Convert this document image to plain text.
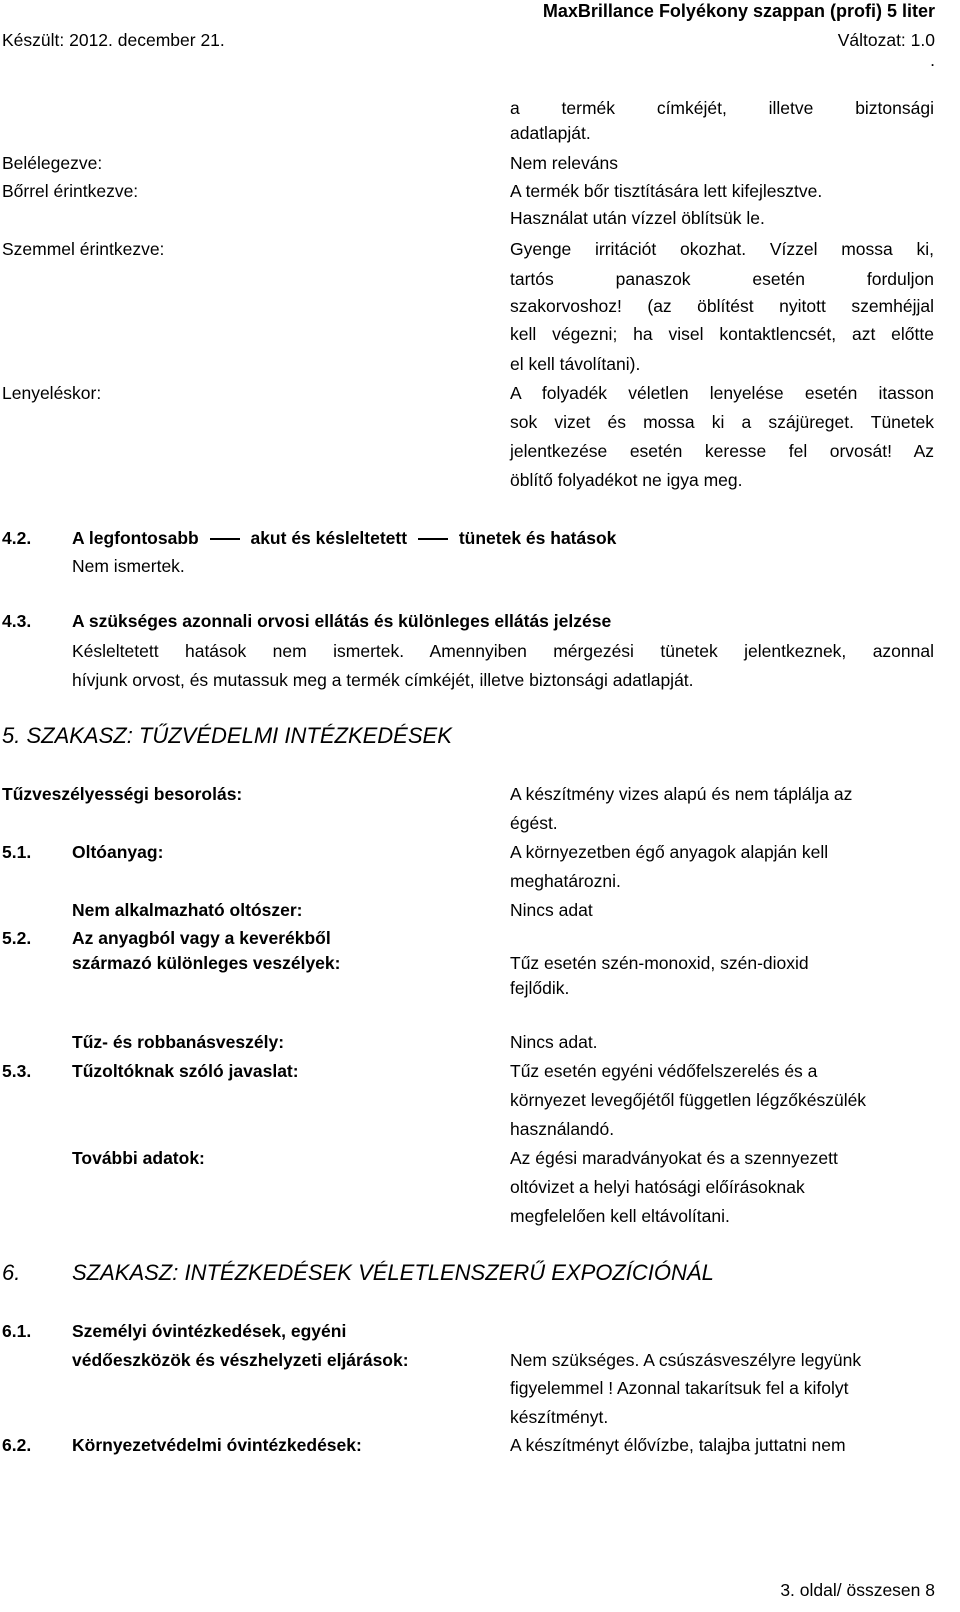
MaxBrillance Folyékony szappan (profi) 5 liter
Készült: 2012. december 21.	Változat: 1.0
.
a termék címkéjét, illetve biztonsági
adatlapját.
Belélegezve:	Nem releváns
Bőrrel érintkezve:	A termék bőr tisztítására lett kifejlesztve.
Használat után vízzel öblítsük le.
Szemmel érintkezve:	Gyenge irritációt okozhat. Vízzel mossa ki,
tartós panaszok esetén forduljon
szakorvoshoz! (az öblítést nyitott szemhéjjal
kell végezni; ha visel kontaktlencsét, azt előtte
el kell távolítani).
Lenyeléskor:	A folyadék véletlen lenyelése esetén itasson
sok vizet és mossa ki a szájüreget. Tünetek
jelentkezése esetén keresse fel orvosát! Az
öblítő folyadékot ne igya meg.
4.2. A legfontosabb	akut és késleltetett	tünetek és hatások
Nem ismertek.
4.3. A szükséges azonnali orvosi ellátás és különleges ellátás jelzése
Késleltetett hatások nem ismertek. Amennyiben mérgezési tünetek jelentkeznek, azonnal
hívjunk orvost, és mutassuk meg a termék címkéjét, illetve biztonsági adatlapját.
5. SZAKASZ: TŰZVÉDELMI INTÉZKEDÉSEK
Tűzveszélyességi besorolás:	A készítmény vizes alapú és nem táplálja az
égést.
5.1. Oltóanyag:	A környezetben égő anyagok alapján kell
meghatározni.
Nem alkalmazható oltószer:	Nincs adat
5.2. Az anyagból vagy a keverékből
származó különleges veszélyek:	Tűz esetén szén-monoxid, szén-dioxid
fejlődik.
Tűz- és robbanásveszély:	Nincs adat.
5.3. Tűzoltóknak szóló javaslat:	Tűz esetén egyéni védőfelszerelés és a
környezet levegőjétől független légzőkészülék
használandó.
További adatok:	Az égési maradványokat és a szennyezett
oltóvizet a helyi hatósági előírásoknak
megfelelően kell eltávolítani.
6. SZAKASZ: INTÉZKEDÉSEK VÉLETLENSZERŰ EXPOZÍCIÓNÁL
6.1. Személyi óvintézkedések, egyéni
védőeszközök és vészhelyzeti eljárások:	Nem szükséges. A csúszásveszélyre legyünk
figyelemmel ! Azonnal takarítsuk fel a kifolyt
készítményt.
6.2. Környezetvédelmi óvintézkedések:	A készítményt élővízbe, talajba juttatni nem
3. oldal/ összesen 8
